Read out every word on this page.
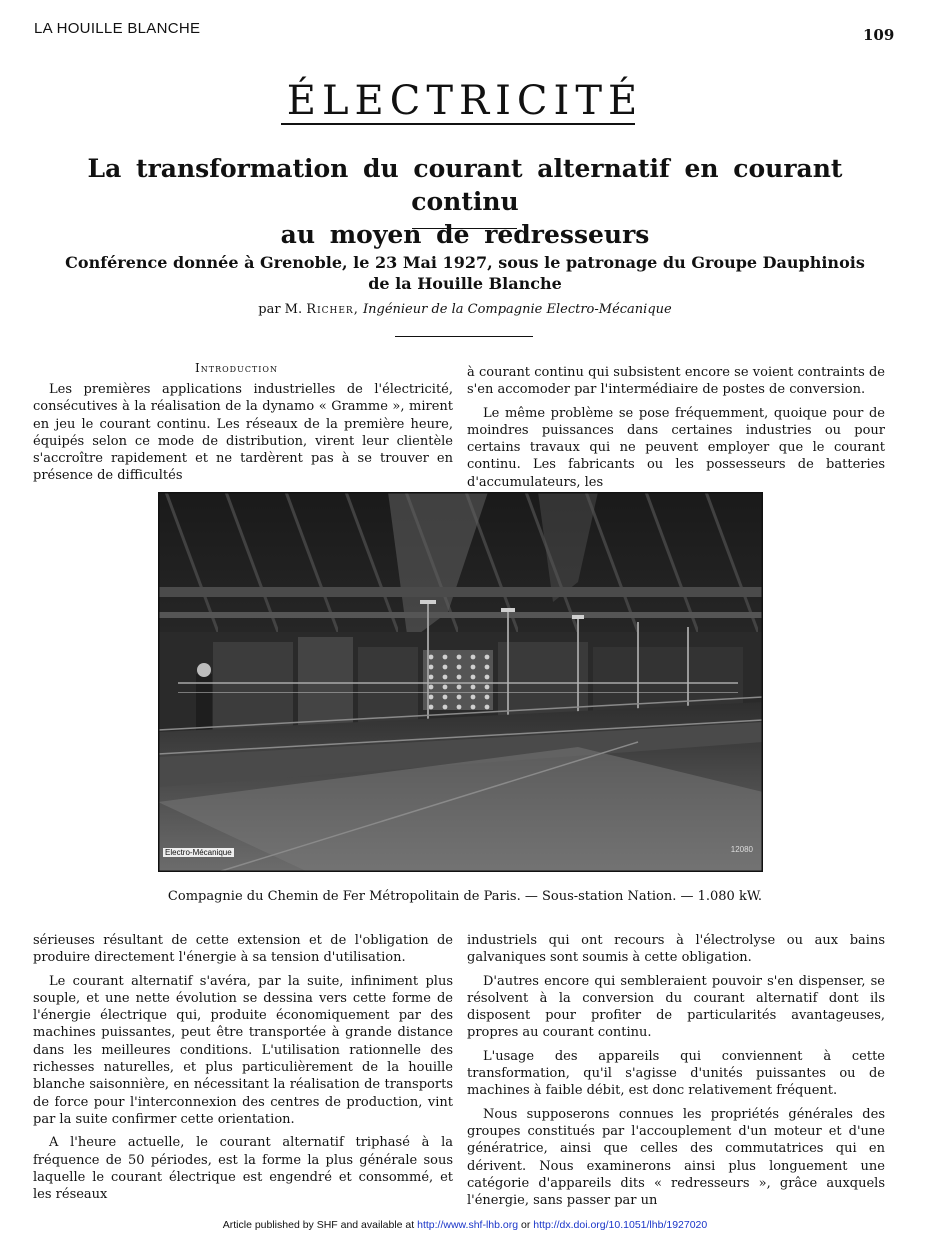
LA HOUILLE BLANCHE	109
ÉLECTRICITÉ
La transformation du courant alternatif en courant continu
au moyen de redresseurs
Conférence donnée à Grenoble, le 23 Mai 1927, sous le patronage du Groupe Dauphinois
de la Houille Blanche
par M. Richer, Ingénieur de la Compagnie Electro-Mécanique
Introduction

Les premières applications industrielles de l'électricité, consécutives à la réalisation de la dynamo « Gramme », mirent en jeu le courant continu. Les réseaux de la première heure, équipés selon ce mode de distribution, virent leur clientèle s'accroître rapidement et ne tardèrent pas à se trouver en présence de difficultés

à courant continu qui subsistent encore se voient contraints de s'en accomoder par l'intermédiaire de postes de conversion.

Le même problème se pose fréquemment, quoique pour de moindres puissances dans certaines industries ou pour certains travaux qui ne peuvent employer que le courant continu. Les fabricants ou les possesseurs de batteries d'accumulateurs, les

Electro-Mécanique	12080
Compagnie du Chemin de Fer Métropolitain de Paris. — Sous-station Nation. — 1.080 kW.

sérieuses résultant de cette extension et de l'obligation de produire directement l'énergie à sa tension d'utilisation.

Le courant alternatif s'avéra, par la suite, infiniment plus souple, et une nette évolution se dessina vers cette forme de l'énergie électrique qui, produite économiquement par des machines puissantes, peut être transportée à grande distance dans les meilleures conditions. L'utilisation rationnelle des richesses naturelles, et plus particulièrement de la houille blanche saisonnière, en nécessitant la réalisation de transports de force pour l'interconnexion des centres de production, vint par la suite confirmer cette orientation.

A l'heure actuelle, le courant alternatif triphasé à la fréquence de 50 périodes, est la forme la plus générale sous laquelle le courant électrique est engendré et consommé, et les réseaux

industriels qui ont recours à l'électrolyse ou aux bains galvaniques sont soumis à cette obligation.

D'autres encore qui sembleraient pouvoir s'en dispenser, se résolvent à la conversion du courant alternatif dont ils disposent pour profiter de particularités avantageuses, propres au courant continu.

L'usage des appareils qui conviennent à cette transformation, qu'il s'agisse d'unités puissantes ou de machines à faible débit, est donc relativement fréquent.

Nous supposerons connues les propriétés générales des groupes constitués par l'accouplement d'un moteur et d'une génératrice, ainsi que celles des commutatrices qui en dérivent. Nous examinerons ainsi plus longuement une catégorie d'appareils dits « redresseurs », grâce auxquels l'énergie, sans passer par un

Article published by SHF and available at http://www.shf-lhb.org or http://dx.doi.org/10.1051/lhb/1927020
